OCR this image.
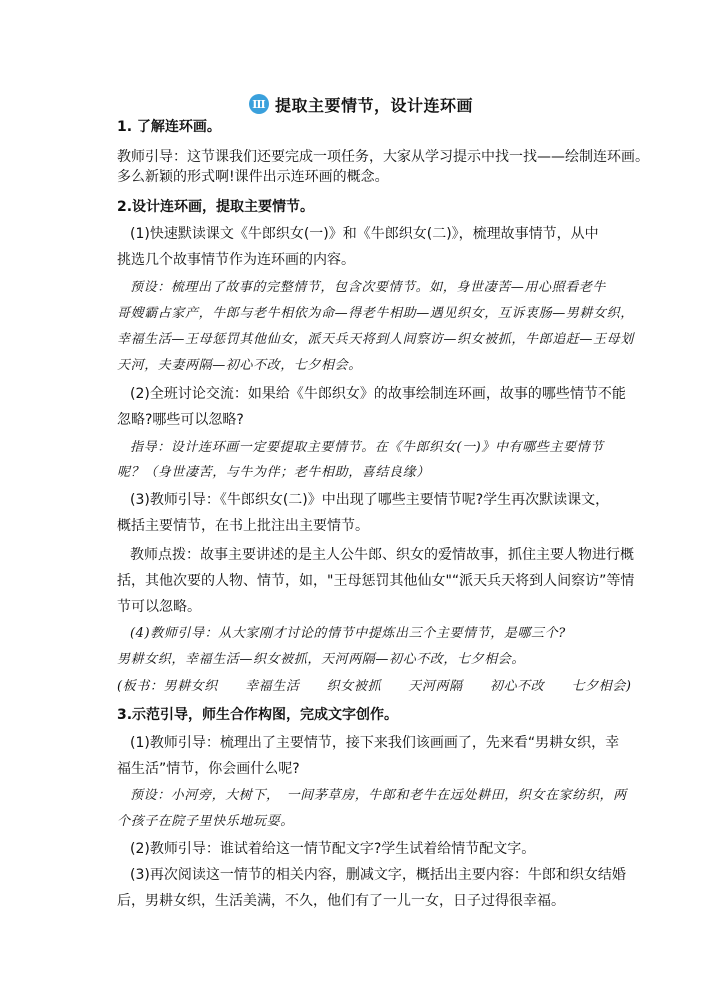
Ⅲ 提取主要情节，设计连环画
1. 了解连环画。
教师引导：这节课我们还要完成一项任务，大家从学习提示中找一找——绘制连环画。
多么新颖的形式啊!课件出示连环画的概念。
2.设计连环画，提取主要情节。
(1)快速默读课文《牛郎织女(一)》和《牛郎织女(二)》，梳理故事情节，从中
挑选几个故事情节作为连环画的内容。
预设：梳理出了故事的完整情节，包含次要情节。如，身世凄苦—用心照看老牛
哥嫂霸占家产，牛郎与老牛相依为命—得老牛相助—遇见织女，互诉衷肠—男耕女织，
幸福生活—王母惩罚其他仙女，派天兵天将到人间察访—织女被抓，牛郎追赶—王母划
天河，夫妻两隔—初心不改，七夕相会。
(2)全班讨论交流：如果给《牛郎织女》的故事绘制连环画，故事的哪些情节不能
忽略?哪些可以忽略?
指导：设计连环画一定要提取主要情节。在《牛郎织女(一)》中有哪些主要情节
呢？（身世凄苦，与牛为伴；老牛相助，喜结良缘）
(3)教师引导：《牛郎织女(二)》中出现了哪些主要情节呢?学生再次默读课文，
概括主要情节，在书上批注出主要情节。
教师点拨：故事主要讲述的是主人公牛郎、织女的爱情故事，抓住主要人物进行概
括，其他次要的人物、情节，如，"王母惩罚其他仙女"“派天兵天将到人间察访”等情
节可以忽略。
(4)教师引导：从大家刚才讨论的情节中提炼出三个主要情节，是哪三个?
男耕女织，幸福生活—织女被抓，天河两隔—初心不改，七夕相会。
(板书：男耕女织　　幸福生活　　织女被抓　　天河两隔　　初心不改　　七夕相会)
3.示范引导，师生合作构图，完成文字创作。
(1)教师引导：梳理出了主要情节，接下来我们该画画了，先来看“男耕女织，幸
福生活”情节，你会画什么呢?
预设：小河旁，大树下，　一间茅草房，牛郎和老牛在远处耕田，织女在家纺织，两
个孩子在院子里快乐地玩耍。
(2)教师引导：谁试着给这一情节配文字?学生试着给情节配文字。
(3)再次阅读这一情节的相关内容，删减文字，概括出主要内容：牛郎和织女结婚
后，男耕女织，生活美满，不久，他们有了一儿一女，日子过得很幸福。
